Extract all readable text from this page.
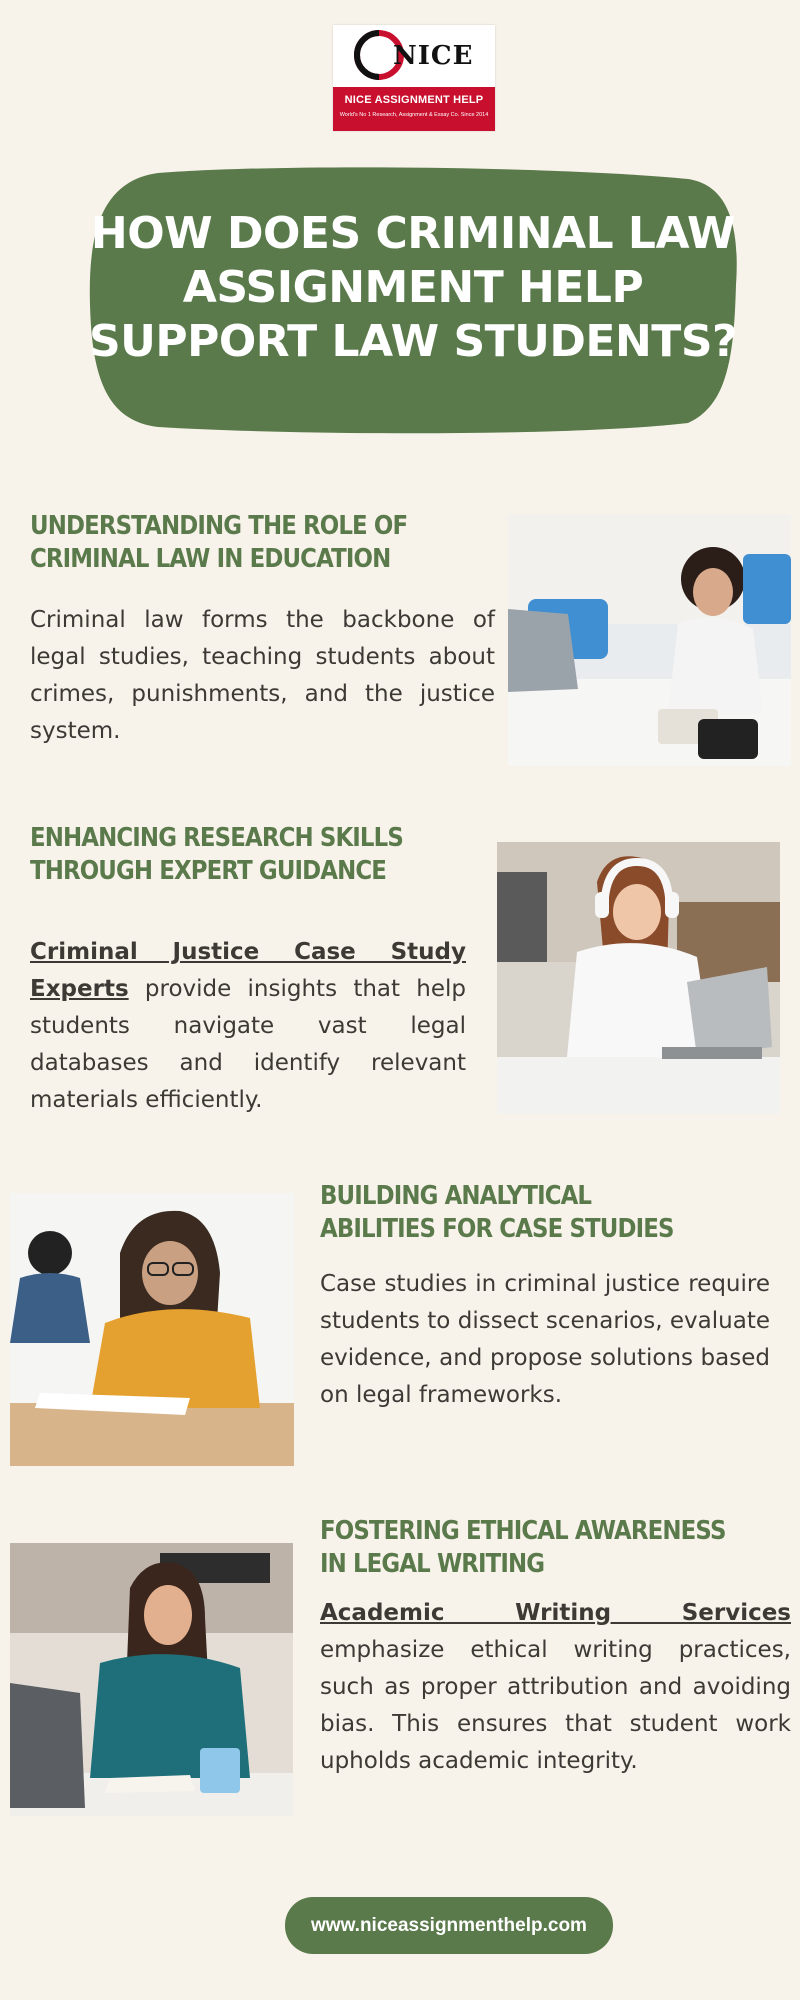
NICE
NICE ASSIGNMENT HELP
World's No 1 Research, Assignment & Essay Co. Since 2014
HOW DOES CRIMINAL LAW ASSIGNMENT HELP SUPPORT LAW STUDENTS?
UNDERSTANDING THE ROLE OF
CRIMINAL LAW IN EDUCATION
Criminal law forms the backbone of legal studies, teaching students about crimes, punishments, and the justice system.
ENHANCING RESEARCH SKILLS
THROUGH EXPERT GUIDANCE
Criminal Justice Case Study Experts provide insights that help students navigate vast legal databases and identify relevant materials efficiently.
BUILDING ANALYTICAL
ABILITIES FOR CASE STUDIES
Case studies in criminal justice require students to dissect scenarios, evaluate evidence, and propose solutions based on legal frameworks.
FOSTERING ETHICAL AWARENESS
IN LEGAL WRITING
Academic Writing Services emphasize ethical writing practices, such as proper attribution and avoiding bias. This ensures that student work upholds academic integrity.
www.niceassignmenthelp.com
